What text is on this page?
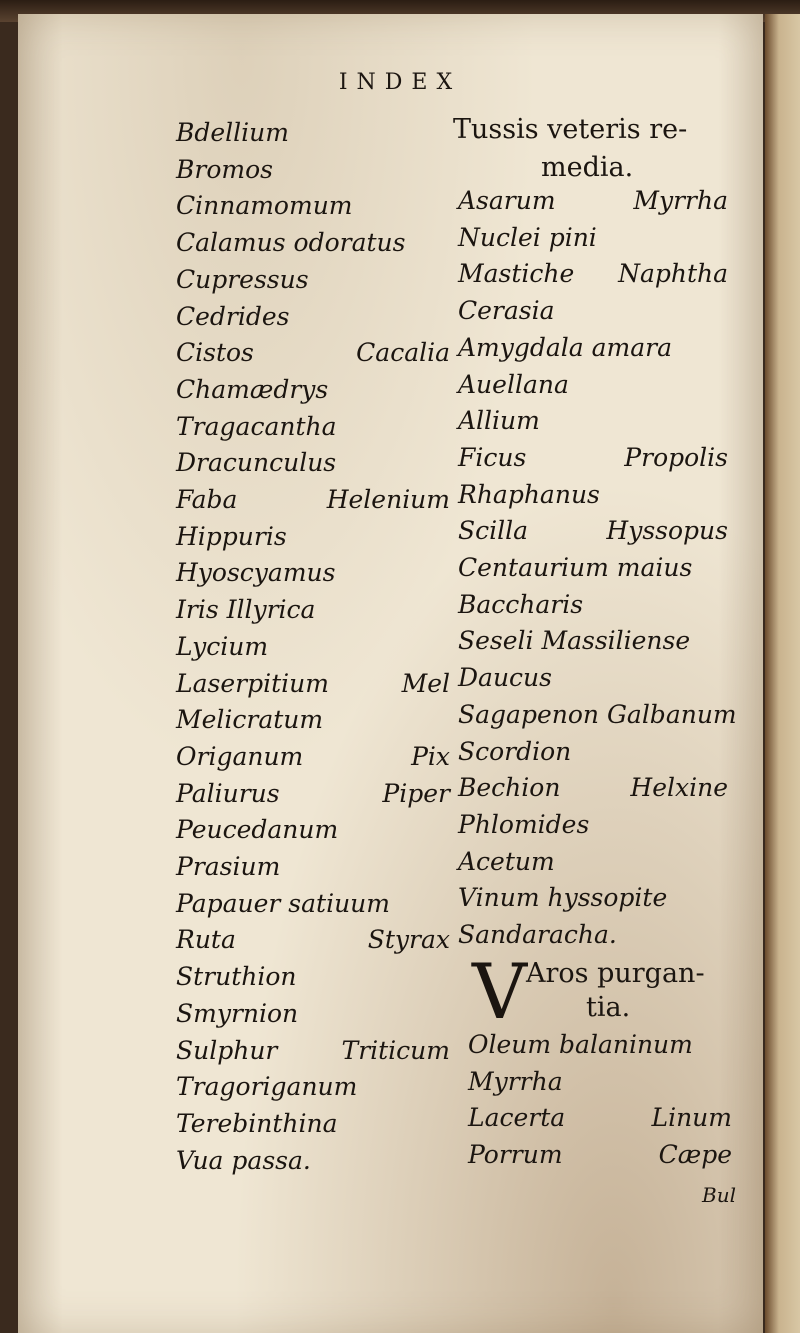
INDEX
Bdellium
Bromos
Cinnamomum
Calamus odoratus
Cupressus
Cedrides
Cistos	Cacalia
Chamædrys
Tragacantha
Dracunculus
Faba	Helenium
Hippuris
Hyoscyamus
Iris Illyrica
Lycium
Laserpitium	Mel
Melicratum
Origanum	Pix
Paliurus	Piper
Peucedanum
Prasium
Papauer satiuum
Ruta	Styrax
Struthion
Smyrnion
Sulphur	Triticum
Tragoriganum
Terebinthina
Vua passa.
Tussis veteris re-
media.
Asarum	Myrrha
Nuclei pini
Mastiche Naphtha
Cerasia
Amygdala amara
Auellana
Allium
Ficus	Propolis
Rhaphanus
Scilla	Hyssopus
Centaurium maius
Baccharis
Seseli Massiliense
Daucus
Sagapenon Galbanum
Scordion
Bechion	Helxine
Phlomides
Acetum
Vinum hyssopite
Sandaracha.
V Aros purgan-
tia.
Oleum balaninum
Myrrha
Lacerta	Linum
Porrum	Cæpe
Bul
